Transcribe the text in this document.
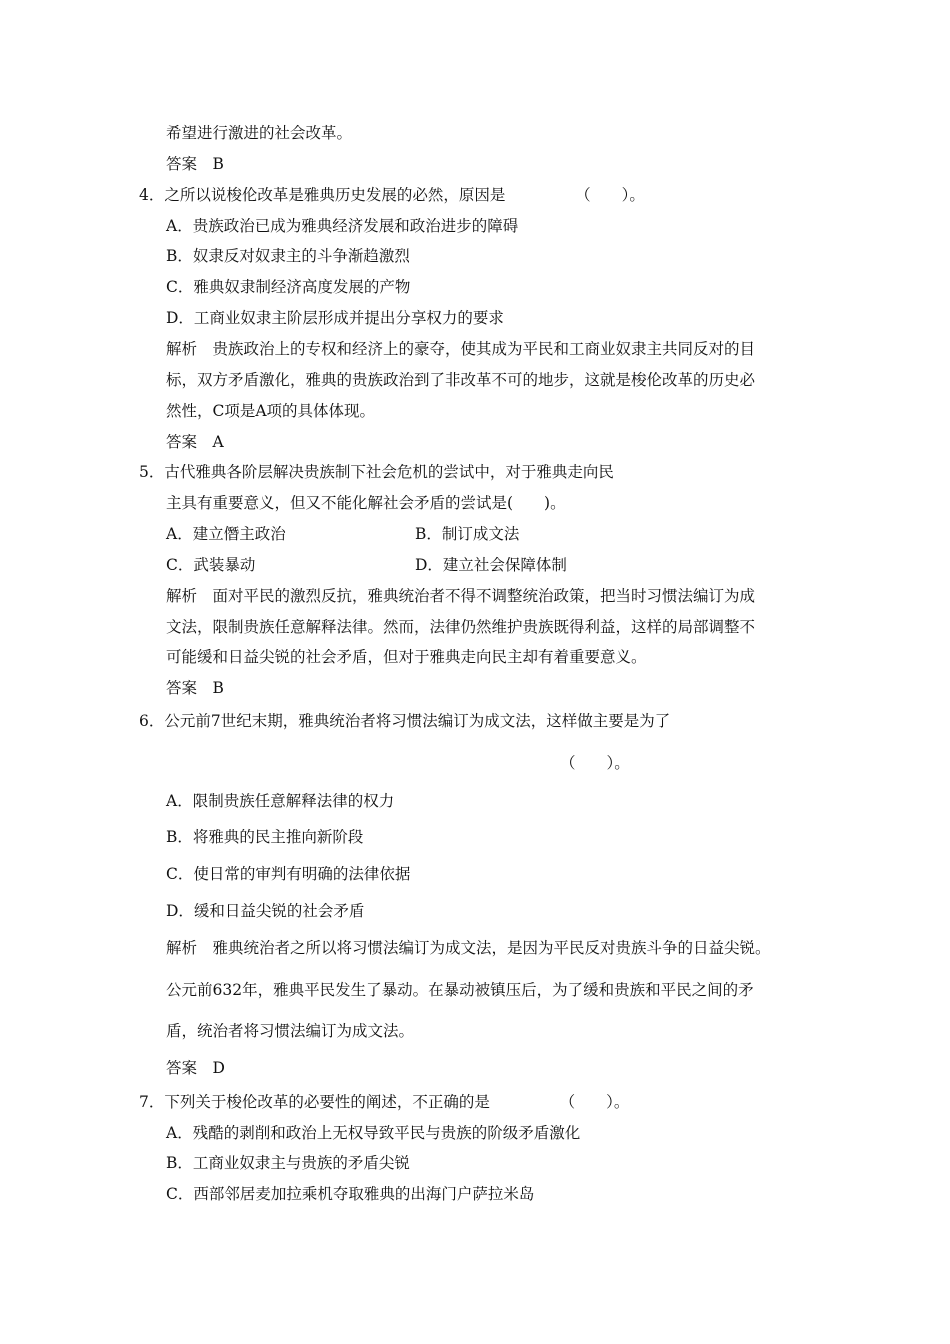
希望进行激进的社会改革。
答案　B
4．之所以说梭伦改革是雅典历史发展的必然，原因是　　　　　（　　）。
A．贵族政治已成为雅典经济发展和政治进步的障碍
B．奴隶反对奴隶主的斗争渐趋激烈
C．雅典奴隶制经济高度发展的产物
D．工商业奴隶主阶层形成并提出分享权力的要求
解析　贵族政治上的专权和经济上的豪夺，使其成为平民和工商业奴隶主共同反对的目
标，双方矛盾激化，雅典的贵族政治到了非改革不可的地步，这就是梭伦改革的历史必
然性，C项是A项的具体体现。
答案　A
5．古代雅典各阶层解决贵族制下社会危机的尝试中，对于雅典走向民
主具有重要意义，但又不能化解社会矛盾的尝试是(　　)。
A．建立僭主政治	B．制订成文法
C．武装暴动	D．建立社会保障体制
解析　面对平民的激烈反抗，雅典统治者不得不调整统治政策，把当时习惯法编订为成
文法，限制贵族任意解释法律。然而，法律仍然维护贵族既得利益，这样的局部调整不
可能缓和日益尖锐的社会矛盾，但对于雅典走向民主却有着重要意义。
答案　B
6．公元前7世纪末期，雅典统治者将习惯法编订为成文法，这样做主要是为了
（　　）。
A．限制贵族任意解释法律的权力
B．将雅典的民主推向新阶段
C．使日常的审判有明确的法律依据
D．缓和日益尖锐的社会矛盾
解析　雅典统治者之所以将习惯法编订为成文法，是因为平民反对贵族斗争的日益尖锐。
公元前632年，雅典平民发生了暴动。在暴动被镇压后，为了缓和贵族和平民之间的矛
盾，统治者将习惯法编订为成文法。
答案　D
7．下列关于梭伦改革的必要性的阐述，不正确的是　　　　　（　　）。
A．残酷的剥削和政治上无权导致平民与贵族的阶级矛盾激化
B．工商业奴隶主与贵族的矛盾尖锐
C．西部邻居麦加拉乘机夺取雅典的出海门户萨拉米岛
